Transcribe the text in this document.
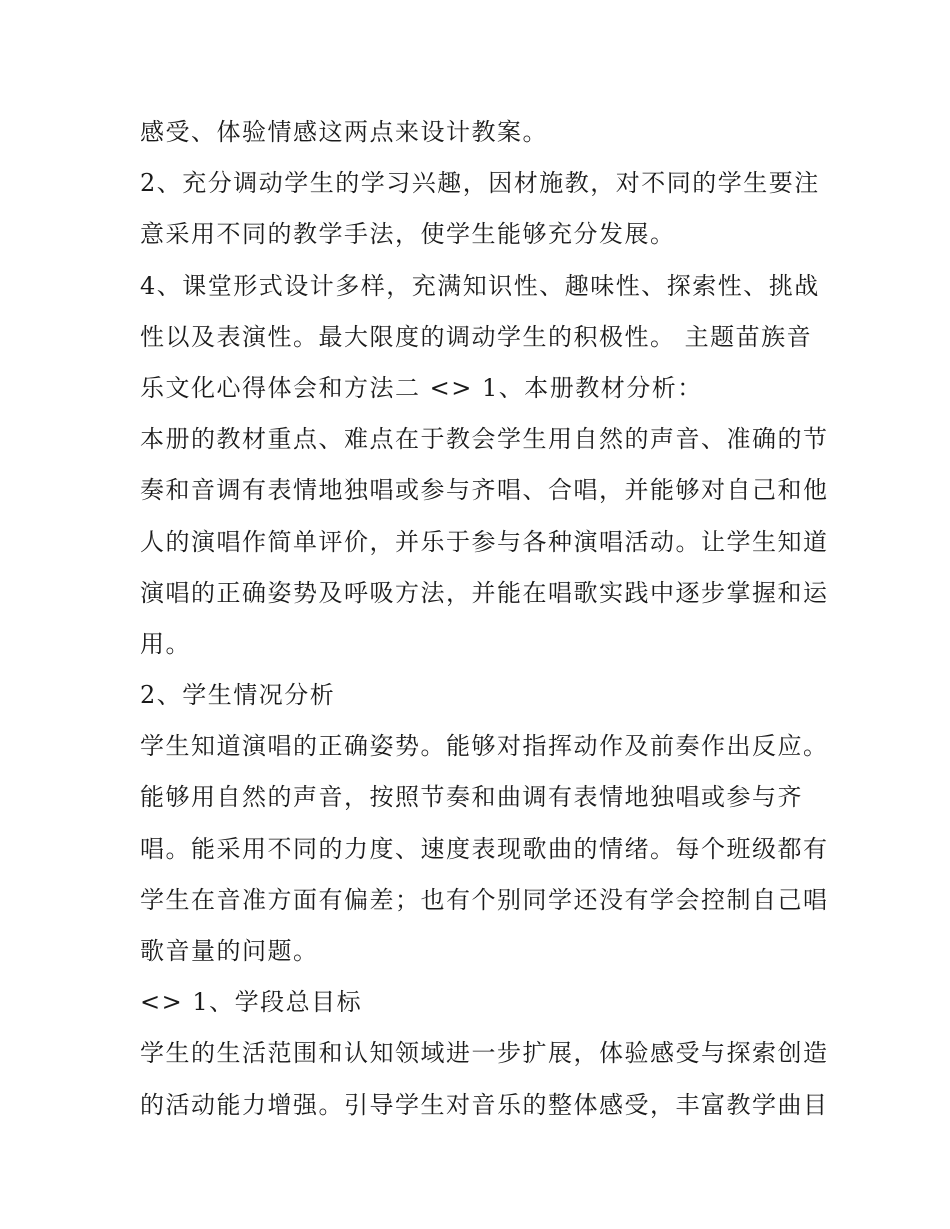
感受、体验情感这两点来设计教案。
2、充分调动学生的学习兴趣，因材施教，对不同的学生要注
意采用不同的教学手法，使学生能够充分发展。
4、课堂形式设计多样，充满知识性、趣味性、探索性、挑战
性以及表演性。最大限度的调动学生的积极性。 主题苗族音
乐文化心得体会和方法二 <> 1、本册教材分析：
本册的教材重点、难点在于教会学生用自然的声音、准确的节
奏和音调有表情地独唱或参与齐唱、合唱，并能够对自己和他
人的演唱作简单评价，并乐于参与各种演唱活动。让学生知道
演唱的正确姿势及呼吸方法，并能在唱歌实践中逐步掌握和运
用。
2、学生情况分析
学生知道演唱的正确姿势。能够对指挥动作及前奏作出反应。
能够用自然的声音，按照节奏和曲调有表情地独唱或参与齐
唱。能采用不同的力度、速度表现歌曲的情绪。每个班级都有
学生在音准方面有偏差；也有个别同学还没有学会控制自己唱
歌音量的问题。
<> 1、学段总目标
学生的生活范围和认知领域进一步扩展，体验感受与探索创造
的活动能力增强。引导学生对音乐的整体感受，丰富教学曲目
